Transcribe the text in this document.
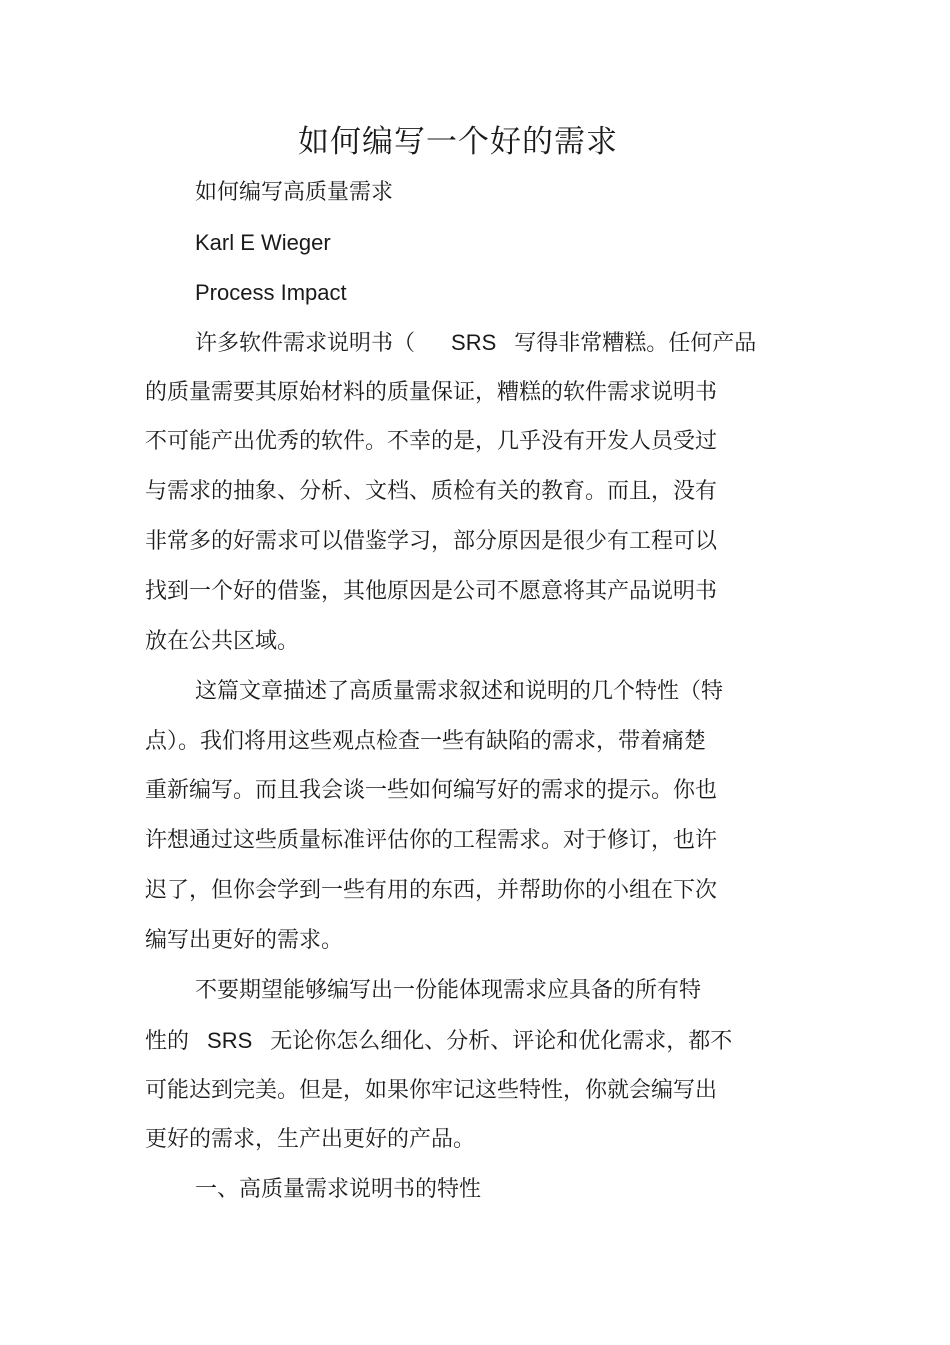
如何编写一个好的需求
如何编写高质量需求
Karl E Wieger
Process Impact
许多软件需求说明书（ SRS 写得非常糟糕。任何产品
的质量需要其原始材料的质量保证，糟糕的软件需求说明书
不可能产出优秀的软件。不幸的是，几乎没有开发人员受过
与需求的抽象、分析、文档、质检有关的教育。而且，没有
非常多的好需求可以借鉴学习，部分原因是很少有工程可以
找到一个好的借鉴，其他原因是公司不愿意将其产品说明书
放在公共区域。
这篇文章描述了高质量需求叙述和说明的几个特性（特
点）。我们将用这些观点检查一些有缺陷的需求，带着痛楚
重新编写。而且我会谈一些如何编写好的需求的提示。你也
许想通过这些质量标准评估你的工程需求。对于修订，也许
迟了，但你会学到一些有用的东西，并帮助你的小组在下次
编写出更好的需求。
不要期望能够编写出一份能体现需求应具备的所有特
性的 SRS 无论你怎么细化、分析、评论和优化需求，都不
可能达到完美。但是，如果你牢记这些特性，你就会编写出
更好的需求，生产出更好的产品。
一、高质量需求说明书的特性
